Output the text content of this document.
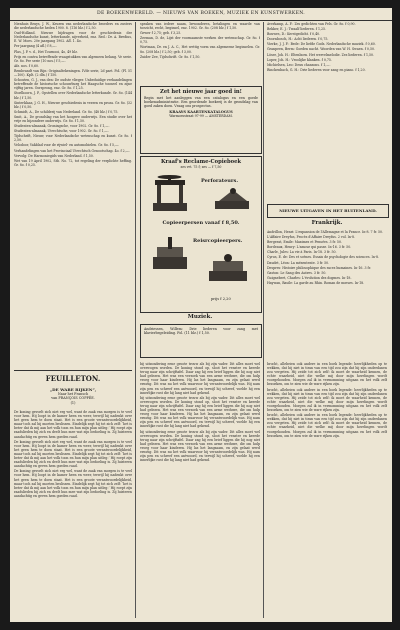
DE BOEKENWERELD. — NIEUWS VAN BOEKEN, MUZIEK EN KUNSTWERKEN.

Nienhuis Bruys, J. W., Keuren van nederlandsche broeders en zusters die nederlandsche heden 1900. 8. (116 blz.) f 2,50.

Oud-Holland. Nieuwe bijdragen voor de geschiedenis der Nederlandsche kunst, letterkunde, nijverheid, enz. Red.: Dr. A. Bredius, E. W. Moes. 20e jaargang 1902. Afl. 1. 4o.

Per jaargang (4 afl.) f 8,—.

Plas, J. P. v. d., Het Tournooi, 4o, 49 blz.

Prijs en contra betreffende vraagstukken van algemeen belang. Ve serie. Gr. 8o. Per serie (10 nos.) f 5,—.

Afz. nos. f 0,60.

Rembrandt van Rijn: Originaltekeningen. IVde serie, 2d part. Fol. (Pl. 51—100). Kplt. (2 dln.) f 150.

Schouten, G. J., van den: De oudste vlieger. Unbeduidige verhandelingen betreffende de historische schouwburg het Haagsche tooneel en zijne vijftig jaren. Oorsprong, enz. Gr. 8o. f 1,25.

Stoelhoorn, J. P., Opstellen over Nederlandsche letterkunde. Gr. 8o. (144 blz.) f 1,50.

Sinterklaas, J. G. H., Nieuwe geschiedenis in verzen en proza. Gr. 8o. (32 blz.) f 0,50.

Schmidt, A., De schilderij van Nederland. Gr. 8o. (48 blz.) f 0,75.

Smit, A., De grondslag van het hoogere onderwijs. Een studie over het vrije en bijzondere onderwijs. Gr. 8o. f 1,50.

Studenten-almanak, Groningsche, voor 1902. Gr. 8o. f 1,—.

Studenten-almanak, Utrechtsche, voor 1902. Gr. 8o. f 1,—.

Tijdschrift, Nieuw, voor Nederlandsche wetenschap en kunst. Gr. 8o. f 2,50.

Velodoor, Vakblad voor de rijwiel- en automobielen. Gr. 8o. f 5,—.

Verhandelingen van het Provinciaal Utrechtsch Genootschap. 4o. f 2,—.

Vervolg: De Harmoniegids van Nederland. f 1,50.

Wet van 19 April 1902, Stb. No. 72, tot regeling der verplichte heffing. Gr. 8o. f 0,25.

FEUILLETON.
„DE WARE RIJKEN”,
Naar het Fransch
van FRANÇOIS COPPÉE.
(1)

De koning gevoelt zich niet erg wel, want de zaak van morgen is te veel voor hem. Hij loopt in de kamer heen en weer, terwijl hij nadenkt over het geen hem te doen staat. Het is een groote verantwoordelijkheid, maar toch zal hij moeten beslissen. Eindelijk zegt hij tot zich zelf: ‘het is beter dat ik mij aan het volk toon en hun mijn plan uitleg.’ Hij roept zijn raadslieden bij zich en deelt hun mee wat zijn bedoeling is. Zij luisteren aandachtig en geven hem goeden raad.

De koning gevoelt zich niet erg wel, want de zaak van morgen is te veel voor hem. Hij loopt in de kamer heen en weer, terwijl hij nadenkt over het geen hem te doen staat. Het is een groote verantwoordelijkheid, maar toch zal hij moeten beslissen. Eindelijk zegt hij tot zich zelf: ‘het is beter dat ik mij aan het volk toon en hun mijn plan uitleg.’ Hij roept zijn raadslieden bij zich en deelt hun mee wat zijn bedoeling is. Zij luisteren aandachtig en geven hem goeden raad.

De koning gevoelt zich niet erg wel, want de zaak van morgen is te veel voor hem. Hij loopt in de kamer heen en weer, terwijl hij nadenkt over het geen hem te doen staat. Het is een groote verantwoordelijkheid, maar toch zal hij moeten beslissen. Eindelijk zegt hij tot zich zelf: ‘het is beter dat ik mij aan het volk toon en hun mijn plan uitleg.’ Hij roept zijn raadslieden bij zich en deelt hun mee wat zijn bedoeling is. Zij luisteren aandachtig en geven hem goeden raad.

spraken van iedere naam, bewonderen, betalingen en waarde van toezicht, recht, beginsel, enz. 1902. Gr. 8o. (208 blz.) f 1,50.

Gewer f 2,75; geb. f 3,25.

Zeeman, D. de, Lijst der voornaamste werken der wetenschap. Gr. 8o. f 0,75.

Wortman, Dr. en J. A. C., Het wettig vorm van algemeene beginselen. Gr. 8o. (208 blz.) f 2,50; geb. f 3,00.

Zuider Zee, Tijdschrift. Gr. 8o. f 1,50.

Zet het nieuwe jaar goed in!
Begin met het aanleggen van een catalogus en een goede boekenadministratie. Een geordende boekerij is de grondslag van goed zaken doen. Vraag ons prospectus.
KRAAYS KAARTENKATALOGUS
Warmoesstraat 97-99 — AMSTERDAM.
Kraaf's Reclame-Copieboek
zes vrt. 75 f; zes — f 7,50
Perforateurs.
Copieerpersen vanaf f 8,50.
Reisrcopieerpers.
prijs f 2,20
Muziek.
Andriessen, Willem: Drie liederen voor zang met klavierbegeleiding. Fol. (11 blz.) f 1,50.

bij uitzondering eene groote trouw als bij zijn vader. Dit alles moet wel overwogen worden. De koning stond op, sloot het venster en keerde terug naar zijn schrijftafel. Daar zag hij een brief liggen die hij nog niet had gelezen. Het was een verzoek van een arme weduwe, die om hulp vroeg voor haar kinderen. Hij las het langzaam, en zijn gelaat werd ernstig. Dit was nu het volk waarvoor hij verantwoordelijk was. Hij nam zijn pen en schreef een antwoord, en terwijl hij schreef, voelde hij een innerlijke rust die hij lang niet had gekend.

bij uitzondering eene groote trouw als bij zijn vader. Dit alles moet wel overwogen worden. De koning stond op, sloot het venster en keerde terug naar zijn schrijftafel. Daar zag hij een brief liggen die hij nog niet had gelezen. Het was een verzoek van een arme weduwe, die om hulp vroeg voor haar kinderen. Hij las het langzaam, en zijn gelaat werd ernstig. Dit was nu het volk waarvoor hij verantwoordelijk was. Hij nam zijn pen en schreef een antwoord, en terwijl hij schreef, voelde hij een innerlijke rust die hij lang niet had gekend.

bij uitzondering eene groote trouw als bij zijn vader. Dit alles moet wel overwogen worden. De koning stond op, sloot het venster en keerde terug naar zijn schrijftafel. Daar zag hij een brief liggen die hij nog niet had gelezen. Het was een verzoek van een arme weduwe, die om hulp vroeg voor haar kinderen. Hij las het langzaam, en zijn gelaat werd ernstig. Dit was nu het volk waarvoor hij verantwoordelijk was. Hij nam zijn pen en schreef een antwoord, en terwijl hij schreef, voelde hij een innerlijke rust die hij lang niet had gekend.

Averkamp, A. F.: Zes gedichten van Fels. Gr. 8o. f 0,90.

Bekker, E. J.: Twaalf liederen. f 1,25.

Bouwes, D.: Kerstgedicht. f 0,40.

Doornbosch, H.: Acht liederen. f 0,75.

Vierke, J. J. F.: Bede: De liefde Gods. Nederlandsche muziek. f 0,60.

Granpeen, Berm: Goeden nacht. Woorden van W. H. Swaen. f 0,50.

Löser, Joh. H.: Eltenborn. Het wervelmelodie. Zes liederen. f 1,50.

Loper, Joh. H.: Vroolijke klanken. f 0,75.

Michielsen, Leo: Deux chansons. f 1,—.

Rinckenbach, G. H.: Drie liederen voor zang en piano. f 1,20.

NIEUWE UITGAVEN IN HET BUITENLAND.
Frankrijk.

Andrillon, Henri: L'expansion de l'Allemagne et la France. In-8. 7 fr. 50.

L'Affaire Dreyfus, Procès d'Affaire Dreyfus. 2 vol. In-8.

Bergerat, Emile: Maximes et Pensées. 3 fr. 50.

Bordeaux, Henry: L'amour qui passe. In-16. 3 fr. 50.

Charle, Jules: La vie à Paris. In-18. 3 fr. 50.

Cyrus, E. de: Des et scènes. Essais de psychologie des sciences. In-8.

Daudet, Léon: La mésentente. 3 fr. 50.

Despres: Histoire philosophique des races humaines. In-16. 3 fr.

Gaston: Le Sang des Autres. 3 fr. 50.

Guignebert, Charles: L'évolution des dogmes. In-18.

Haywan, Basile: La garde au Rhin. Roman de mœurs. In-18.

brocht, allebeien ook andere in een boek legende: heerlijkheden op te wekken, dat hij niet in tiran van een tijd zou zijn dat hij zijn onderdanen zou vergeten. Hij zeide tot zich zelf: ik moet de waarheid kennen, de echte waarheid, niet die welke mij door mijn hovelingen wordt voorgehouden. Morgen zal ik in vermomming uitgaan en het volk zelf bezoeken, om te zien wie de ware rijken zijn.

brocht, allebeien ook andere in een boek legende: heerlijkheden op te wekken, dat hij niet in tiran van een tijd zou zijn dat hij zijn onderdanen zou vergeten. Hij zeide tot zich zelf: ik moet de waarheid kennen, de echte waarheid, niet die welke mij door mijn hovelingen wordt voorgehouden. Morgen zal ik in vermomming uitgaan en het volk zelf bezoeken, om te zien wie de ware rijken zijn.

brocht, allebeien ook andere in een boek legende: heerlijkheden op te wekken, dat hij niet in tiran van een tijd zou zijn dat hij zijn onderdanen zou vergeten. Hij zeide tot zich zelf: ik moet de waarheid kennen, de echte waarheid, niet die welke mij door mijn hovelingen wordt voorgehouden. Morgen zal ik in vermomming uitgaan en het volk zelf bezoeken, om te zien wie de ware rijken zijn.
